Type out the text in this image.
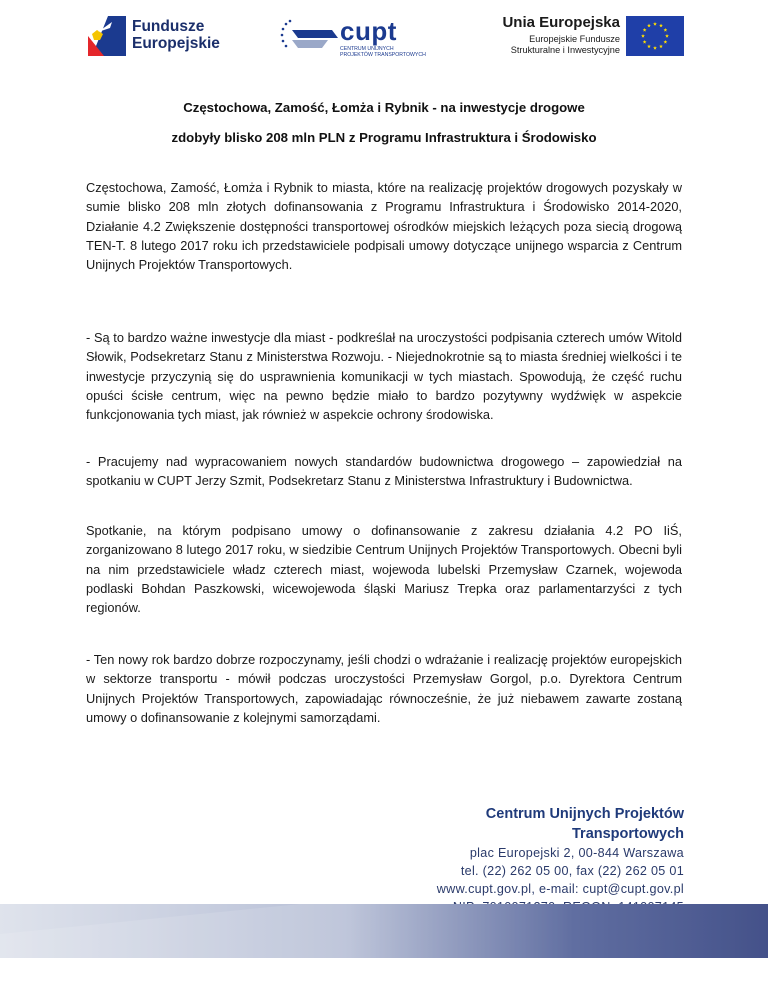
Fundusze
Europejskie	cupt
CENTRUM UNIJNYCH
PROJEKTÓW TRANSPORTOWYCH
Unia Europejska
Europejskie Fundusze
Strukturalne i Inwestycyjne
Częstochowa, Zamość, Łomża i Rybnik - na inwestycje drogowe
zdobyły blisko 208 mln PLN z Programu Infrastruktura i Środowisko

Częstochowa, Zamość, Łomża i Rybnik to miasta, które na realizację projektów drogowych pozyskały w sumie blisko 208 mln złotych dofinansowania z Programu Infrastruktura i Środowisko 2014-2020, Działanie 4.2 Zwiększenie dostępności transportowej ośrodków miejskich leżących poza siecią drogową TEN-T. 8 lutego 2017 roku ich przedstawiciele podpisali umowy dotyczące unijnego wsparcia z Centrum Unijnych Projektów Transportowych.

- Są to bardzo ważne inwestycje dla miast - podkreślał na uroczystości podpisania czterech umów Witold Słowik, Podsekretarz Stanu z Ministerstwa Rozwoju. - Niejednokrotnie są to miasta średniej wielkości i te inwestycje przyczynią się do usprawnienia komunikacji w tych miastach. Spowodują, że część ruchu opuści ścisłe centrum, więc na pewno będzie miało to bardzo pozytywny wydźwięk w aspekcie funkcjonowania tych miast, jak również w aspekcie ochrony środowiska.

- Pracujemy nad wypracowaniem nowych standardów budownictwa drogowego – zapowiedział na spotkaniu w CUPT Jerzy Szmit, Podsekretarz Stanu z Ministerstwa Infrastruktury i Budownictwa.

Spotkanie, na którym podpisano umowy o dofinansowanie z zakresu działania 4.2 PO IiŚ, zorganizowano 8 lutego 2017 roku, w siedzibie Centrum Unijnych Projektów Transportowych. Obecni byli na nim przedstawiciele władz czterech miast, wojewoda lubelski Przemysław Czarnek, wojewoda podlaski Bohdan Paszkowski, wicewojewoda śląski Mariusz Trepka oraz parlamentarzyści z tych regionów.

- Ten nowy rok bardzo dobrze rozpoczynamy, jeśli chodzi o wdrażanie i realizację projektów europejskich w sektorze transportu - mówił podczas uroczystości Przemysław Gorgol, p.o. Dyrektora Centrum Unijnych Projektów Transportowych, zapowiadając równocześnie, że już niebawem zawarte zostaną umowy o dofinansowanie z kolejnymi samorządami.

Centrum Unijnych Projektów Transportowych
plac Europejski 2, 00-844 Warszawa
tel. (22) 262 05 00, fax (22) 262 05 01
www.cupt.gov.pl, e-mail: cupt@cupt.gov.pl
